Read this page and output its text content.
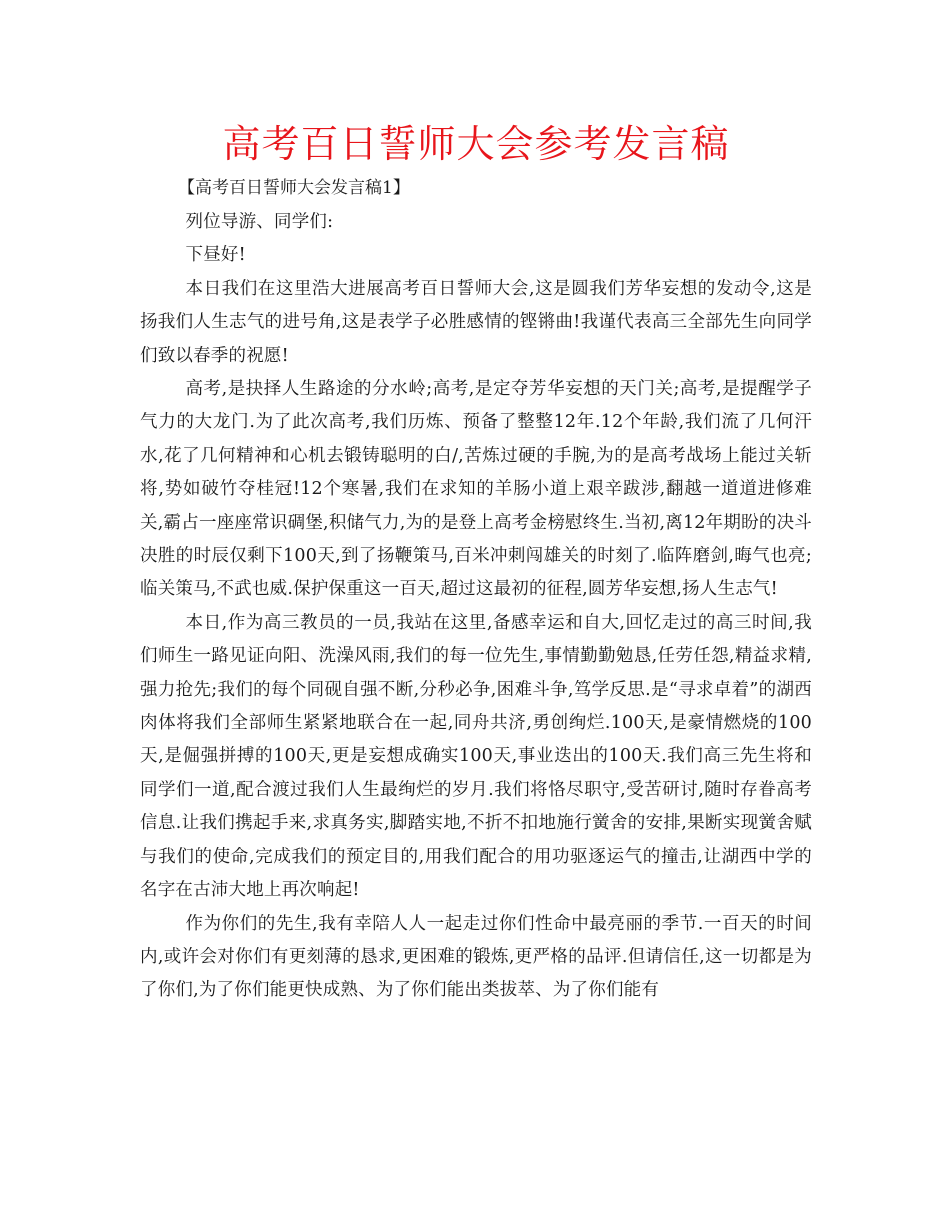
高考百日誓师大会参考发言稿

【高考百日誓师大会发言稿1】

列位导游、同学们:

下昼好!

本日我们在这里浩大进展高考百日誓师大会,这是圆我们芳华妄想的发动令,这是扬我们人生志气的进号角,这是表学子必胜感情的铿锵曲!我谨代表高三全部先生向同学们致以春季的祝愿!

高考,是抉择人生路途的分水岭;高考,是定夺芳华妄想的天门关;高考,是提醒学子气力的大龙门.为了此次高考,我们历炼、预备了整整12年.12个年龄,我们流了几何汗水,花了几何精神和心机去锻铸聪明的白/,苦炼过硬的手腕,为的是高考战场上能过关斩将,势如破竹夺桂冠!12个寒暑,我们在求知的羊肠小道上艰辛跋涉,翻越一道道进修难关,霸占一座座常识碉堡,积储气力,为的是登上高考金榜慰终生.当初,离12年期盼的决斗决胜的时辰仅剩下100天,到了扬鞭策马,百米冲刺闯雄关的时刻了.临阵磨剑,晦气也亮;临关策马,不武也威.保护保重这一百天,超过这最初的征程,圆芳华妄想,扬人生志气!

本日,作为高三教员的一员,我站在这里,备感幸运和自大,回忆走过的高三时间,我们师生一路见证向阳、洗澡风雨,我们的每一位先生,事情勤勤勉恳,任劳任怨,精益求精,强力抢先;我们的每个同砚自强不断,分秒必争,困难斗争,笃学反思.是“寻求卓着”的湖西肉体将我们全部师生紧紧地联合在一起,同舟共济,勇创绚烂.100天,是豪情燃烧的100天,是倔强拼搏的100天,更是妄想成确实100天,事业迭出的100天.我们高三先生将和同学们一道,配合渡过我们人生最绚烂的岁月.我们将恪尽职守,受苦研讨,随时存眷高考信息.让我们携起手来,求真务实,脚踏实地,不折不扣地施行黉舍的安排,果断实现黉舍赋与我们的使命,完成我们的预定目的,用我们配合的用功驱逐运气的撞击,让湖西中学的名字在古沛大地上再次响起!

作为你们的先生,我有幸陪人人一起走过你们性命中最亮丽的季节.一百天的时间内,或许会对你们有更刻薄的恳求,更困难的锻炼,更严格的品评.但请信任,这一切都是为了你们,为了你们能更快成熟、为了你们能出类拔萃、为了你们能有
